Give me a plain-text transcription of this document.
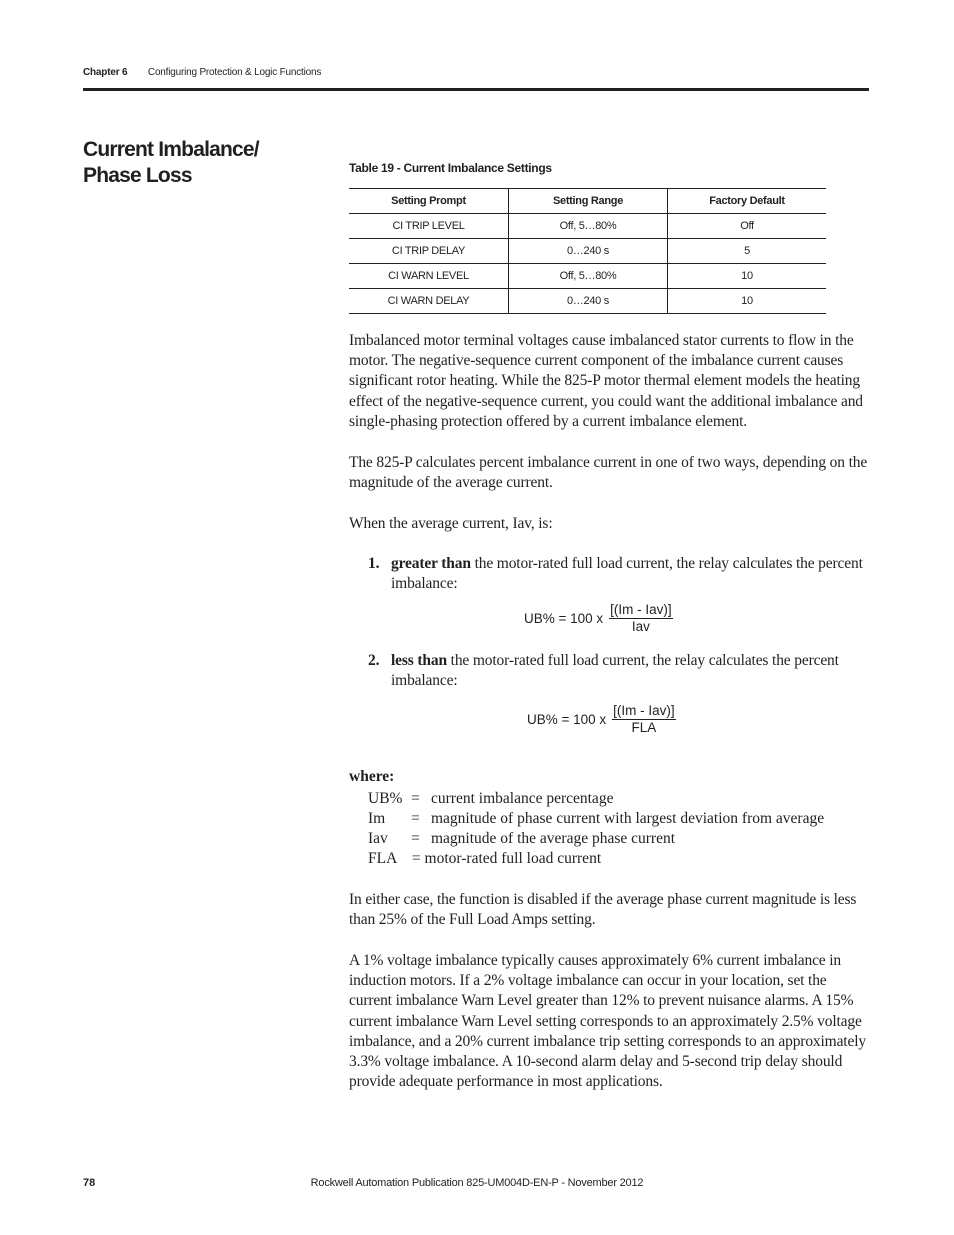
Chapter 6 Configuring Protection & Logic Functions
Current Imbalance/
Phase Loss	Table 19 - Current Imbalance Settings
Setting Prompt	Setting Range	Factory Default
CI TRIP LEVEL	Off, 5…80%	Off
CI TRIP DELAY	0…240 s	5
CI WARN LEVEL	Off, 5…80%	10
CI WARN DELAY	0…240 s	10

Imbalanced motor terminal voltages cause imbalanced stator currents to flow in the motor. The negative-sequence current component of the imbalance current causes significant rotor heating. While the 825-P motor thermal element models the heating effect of the negative-sequence current, you could want the additional imbalance and single-phasing protection offered by a current imbalance element.

The 825-P calculates percent imbalance current in one of two ways, depending on the magnitude of the average current.

When the average current, Iav, is:

1. greater than the motor-rated full load current, the relay calculates the percent imbalance:
UB% = 100 x $\frac{\text{[(Im - Iav)]}}{\text{Iav}}$
2. less than the motor-rated full load current, the relay calculates the percent imbalance:
UB% = 100 x $\frac{\text{[(Im - Iav)]}}{\text{FLA}}$
where:
UB% = current imbalance percentage
Im = magnitude of phase current with largest deviation from average
Iav = magnitude of the average phase current
FLA    = motor-rated full load current

In either case, the function is disabled if the average phase current magnitude is less than 25% of the Full Load Amps setting.

A 1% voltage imbalance typically causes approximately 6% current imbalance in induction motors. If a 2% voltage imbalance can occur in your location, set the current imbalance Warn Level greater than 12% to prevent nuisance alarms. A 15% current imbalance Warn Level setting corresponds to an approximately 2.5% voltage imbalance, and a 20% current imbalance trip setting corresponds to an approximately 3.3% voltage imbalance. A 10-second alarm delay and 5-second trip delay should provide adequate performance in most applications.

78	Rockwell Automation Publication 825-UM004D-EN-P - November 2012
